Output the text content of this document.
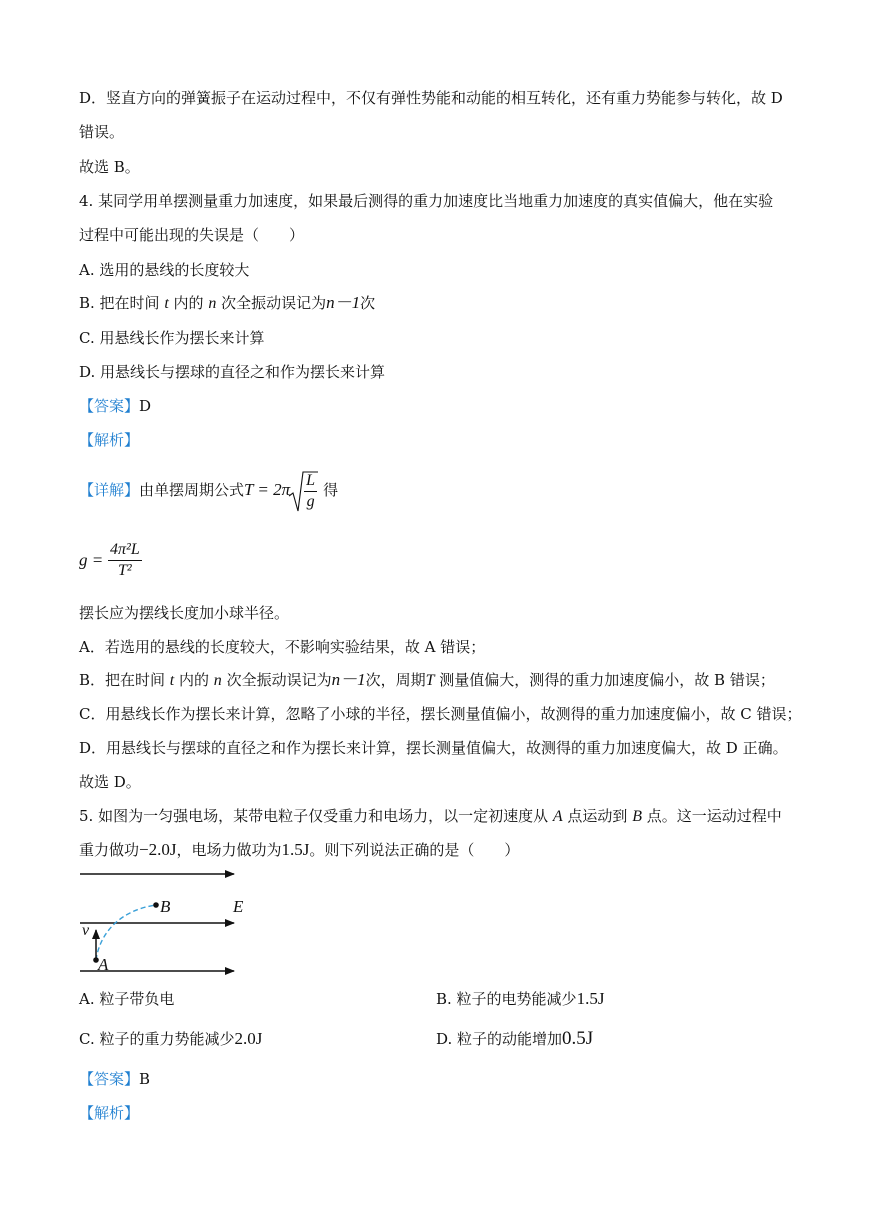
D．竖直方向的弹簧振子在运动过程中，不仅有弹性势能和动能的相互转化，还有重力势能参与转化，故 D
错误。
故选 B。
4. 某同学用单摆测量重力加速度，如果最后测得的重力加速度比当地重力加速度的真实值偏大，他在实验
过程中可能出现的失误是（　　）
A. 选用的悬线的长度较大
B. 把在时间 t 内的 n 次全振动误记为n－1次
C. 用悬线长作为摆长来计算
D. 用悬线长与摆球的直径之和作为摆长来计算
【答案】D
【解析】
【详解】由单摆周期公式$T = 2\pi \frac{L}{g}$ 得
$g = \frac{\text{4π²L}}{\text{T²}}$
摆长应为摆线长度加小球半径。
A．若选用的悬线的长度较大，不影响实验结果，故 A 错误；
B．把在时间 t 内的 n 次全振动误记为n－1次，周期T 测量值偏大，测得的重力加速度偏小，故 B 错误；
C．用悬线长作为摆长来计算，忽略了小球的半径，摆长测量值偏小，故测得的重力加速度偏小，故 C 错误；
D．用悬线长与摆球的直径之和作为摆长来计算，摆长测量值偏大，故测得的重力加速度偏大，故 D 正确。
故选 D。
5. 如图为一匀强电场，某带电粒子仅受重力和电场力，以一定初速度从 A 点运动到 B 点。这一运动过程中
重力做功−2.0J，电场力做功为1.5J。则下列说法正确的是（　　）
B	E
v
A
A. 粒子带负电	B. 粒子的电势能减少1.5J
C. 粒子的重力势能减少2.0J	D. 粒子的动能增加0.5J
【答案】B
【解析】
